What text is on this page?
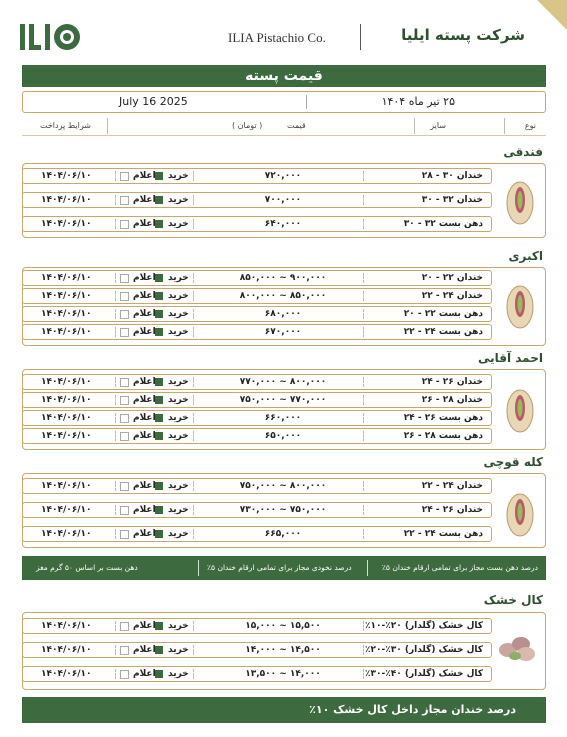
ILIA Pistachio Co.	شرکت پسته ایلیا
قیمت پسته
July 16 2025	۲۵ تیر ماه ۱۴۰۴
نوع
سایز
قیمت
( تومان )
شرایط پرداخت
فندقی
خندان ۳۰ - ۲۸
۷۲۰,۰۰۰
خرید
اعلام
۱۴۰۴/۰۶/۱۰
خندان ۳۲ - ۳۰
۷۰۰,۰۰۰
خرید
اعلام
۱۴۰۴/۰۶/۱۰
دهن بست ۳۲ - ۳۰
۶۴۰,۰۰۰
خرید
اعلام
۱۴۰۴/۰۶/۱۰
اکبری
خندان ۲۲ - ۲۰
۹۰۰,۰۰۰ ~ ۸۵۰,۰۰۰
خرید
اعلام
۱۴۰۴/۰۶/۱۰
خندان ۲۴ - ۲۲
۸۵۰,۰۰۰ ~ ۸۰۰,۰۰۰
خرید
اعلام
۱۴۰۴/۰۶/۱۰
دهن بست ۲۲ - ۲۰
۶۸۰,۰۰۰
خرید
اعلام
۱۴۰۴/۰۶/۱۰
دهن بست ۲۴ - ۲۲
۶۷۰,۰۰۰
خرید
اعلام
۱۴۰۴/۰۶/۱۰
احمد آقایی
خندان ۲۶ - ۲۴
۸۰۰,۰۰۰ ~ ۷۷۰,۰۰۰
خرید
اعلام
۱۴۰۴/۰۶/۱۰
خندان ۲۸ - ۲۶
۷۷۰,۰۰۰ ~ ۷۵۰,۰۰۰
خرید
اعلام
۱۴۰۴/۰۶/۱۰
دهن بست ۲۶ - ۲۴
۶۶۰,۰۰۰
خرید
اعلام
۱۴۰۴/۰۶/۱۰
دهن بست ۲۸ - ۲۶
۶۵۰,۰۰۰
خرید
اعلام
۱۴۰۴/۰۶/۱۰
کله قوچی
خندان ۲۴ - ۲۲
۸۰۰,۰۰۰ ~ ۷۵۰,۰۰۰
خرید
اعلام
۱۴۰۴/۰۶/۱۰
خندان ۲۶ - ۲۴
۷۵۰,۰۰۰ ~ ۷۳۰,۰۰۰
خرید
اعلام
۱۴۰۴/۰۶/۱۰
دهن بست ۲۴ - ۲۲
۶۶۵,۰۰۰
خرید
اعلام
۱۴۰۴/۰۶/۱۰
درصد دهن بست مجاز برای تمامی ارقام خندان ۵٪
درصد نخودی مجاز برای تمامی ارقام خندان ۵٪
دهن بست بر اساس ۵۰ گرم مغز
کال خشک
کال خشک (گلدار) ۲۰٪-۱۰٪
۱۵,۵۰۰ ~ ۱۵,۰۰۰
خرید
اعلام
۱۴۰۴/۰۶/۱۰
کال خشک (گلدار) ۳۰٪-۲۰٪
۱۴,۵۰۰ ~ ۱۴,۰۰۰
خرید
اعلام
۱۴۰۴/۰۶/۱۰
کال خشک (گلدار) ۴۰٪-۳۰٪
۱۴,۰۰۰ ~ ۱۳,۵۰۰
خرید
اعلام
۱۴۰۴/۰۶/۱۰
درصد خندان مجاز داخل کال خشک ۱۰٪
